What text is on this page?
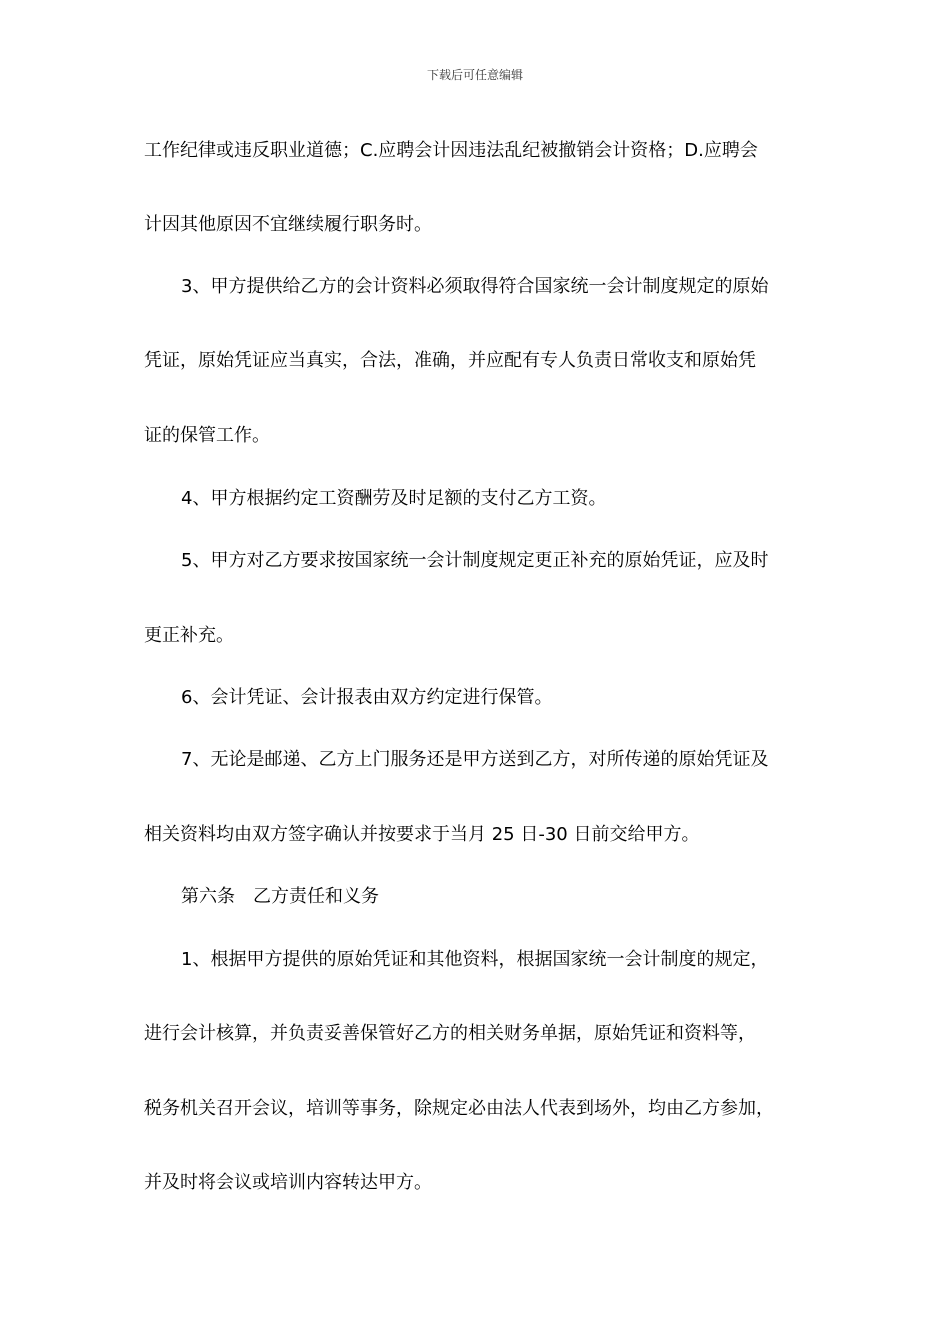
下载后可任意编辑

工作纪律或违反职业道德；C.应聘会计因违法乱纪被撤销会计资格；D.应聘会

计因其他原因不宜继续履行职务时。

3、甲方提供给乙方的会计资料必须取得符合国家统一会计制度规定的原始

凭证，原始凭证应当真实，合法，准确，并应配有专人负责日常收支和原始凭

证的保管工作。

4、甲方根据约定工资酬劳及时足额的支付乙方工资。

5、甲方对乙方要求按国家统一会计制度规定更正补充的原始凭证，应及时

更正补充。

6、会计凭证、会计报表由双方约定进行保管。

7、无论是邮递、乙方上门服务还是甲方送到乙方，对所传递的原始凭证及

相关资料均由双方签字确认并按要求于当月 25 日-30 日前交给甲方。

第六条　乙方责任和义务

1、根据甲方提供的原始凭证和其他资料，根据国家统一会计制度的规定，

进行会计核算，并负责妥善保管好乙方的相关财务单据，原始凭证和资料等，

税务机关召开会议，培训等事务，除规定必由法人代表到场外，均由乙方参加，

并及时将会议或培训内容转达甲方。
